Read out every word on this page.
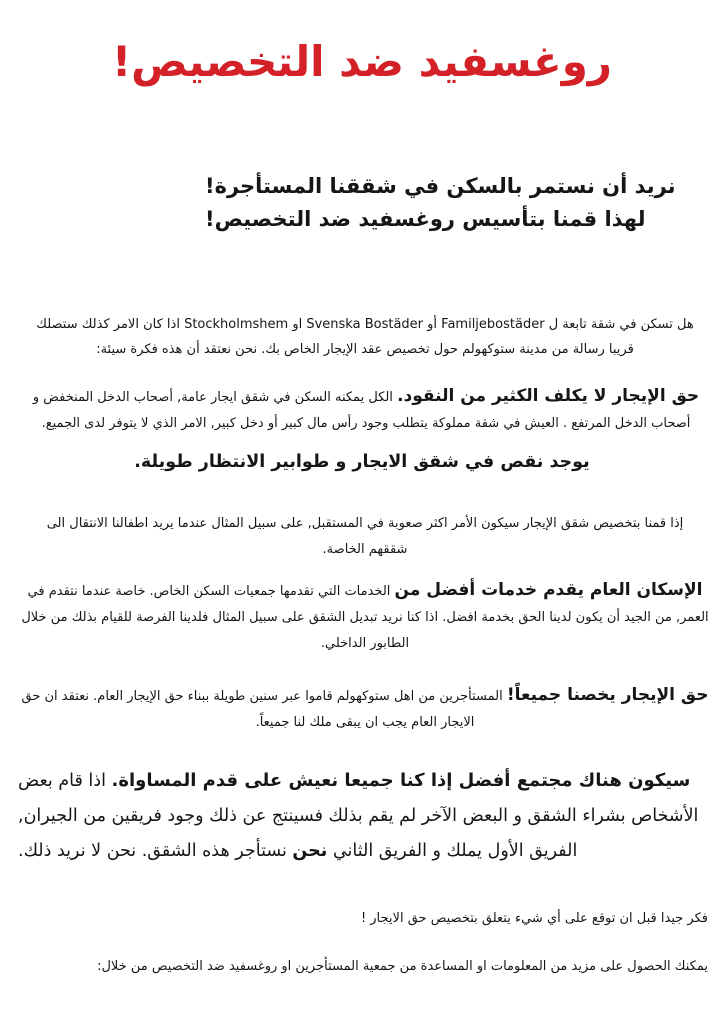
روغسفيد ضد التخصيص!
نريد أن نستمر بالسكن في شققنا المستأجرة!
لهذا قمنا بتأسيس روغسفيد ضد التخصيص!

هل تسكن في شقة تابعة ل Familjebostäder أو Svenska Bostäder او Stockholmshem اذا كان الامر كذلك ستصلك قريبا رسالة من مدينة ستوكهولم حول تخصيص عقد الإيجار الخاص بك. نحن نعتقد أن هذه فكرة سيئة:

حق الإيجار لا يكلف الكثير من النقود. الكل يمكنه السكن في شقق ايجار عامة, أصحاب الدخل المنخفض و أصحاب الدخل المرتفع . العيش في شقة مملوكة يتطلب وجود رأس مال كبير أو دخل كبير, الامر الذي لا يتوفر لدى الجميع.

يوجد نقص في شقق الايجار و طوابير الانتظار طويلة.

إذا قمنا بتخصيص شقق الإيجار سيكون الأمر اكثر صعوبة في المستقبل, على سبيل المثال عندما يريد اطفالنا الانتقال الى شققهم الخاصة.

الإسكان العام يقدم خدمات أفضل من الخدمات التي تقدمها جمعيات السكن الخاص. خاصة عندما نتقدم في العمر, من الجيد أن يكون لدينا الحق بخدمة افضل. اذا كنا نريد تبديل الشقق على سبيل المثال فلدينا الفرصة للقيام بذلك من خلال الطابور الداخلي.

حق الإيجار يخصنا جميعاً! المستأجرين من اهل ستوكهولم قاموا عبر سنين طويلة ببناء حق الإيجار العام. نعتقد ان حق الايجار العام يجب ان يبقى ملك لنا جميعاً.

سيكون هناك مجتمع أفضل إذا كنا جميعا نعيش على قدم المساواة. اذا قام بعض الأشخاص بشراء الشقق و البعض الآخر لم يقم بذلك فسينتج عن ذلك وجود فريقين من الجيران, الفريق الأول يملك و الفريق الثاني نحن نستأجر هذه الشقق. نحن لا نريد ذلك.

فكر جيدا قبل ان توقع على أي شيء يتعلق بتخصيص حق الايجار !

يمكنك الحصول على مزيد من المعلومات او المساعدة من جمعية المستأجرين او روغسفيد ضد التخصيص من خلال:
